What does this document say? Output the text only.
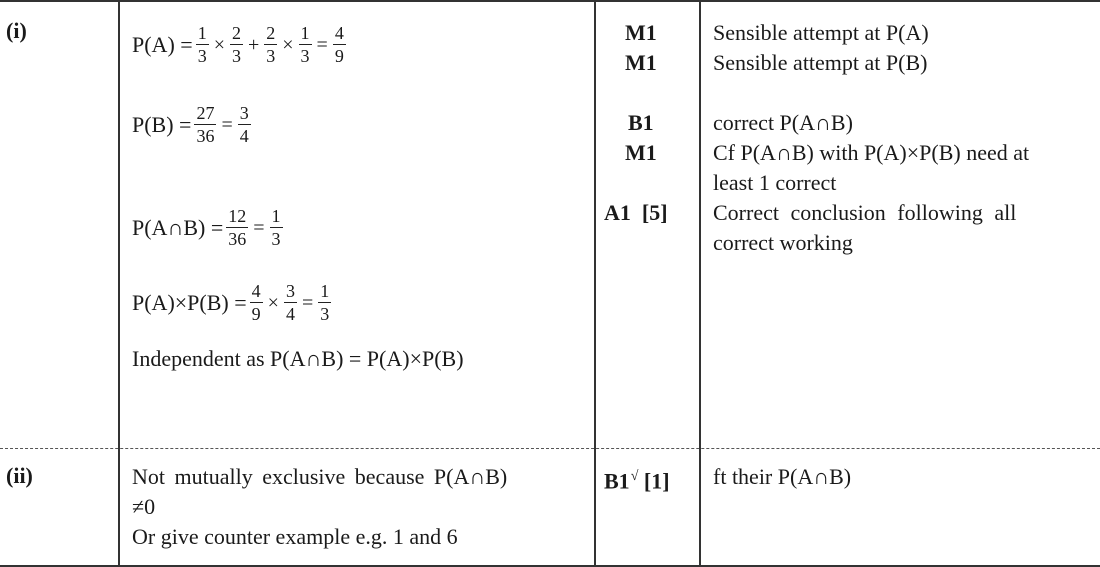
(i)
$P(A) = \frac{1}{3} \times \frac{2}{3} + \frac{2}{3} \times \frac{1}{3} = \frac{4}{9}$
$P(B) = \frac{27}{36} = \frac{3}{4}$
P(A∩B) = $\frac{12}{36} = \frac{1}{3}$
$P(A)\times P(B) = \frac{4}{9} \times \frac{3}{4} = \frac{1}{3}$
Independent as P(A∩B) = P(A)×P(B)
M1
M1
B1
M1
A1  [5]
Sensible attempt at P(A)
Sensible attempt at P(B)
correct P(A∩B)
Cf P(A∩B) with P(A)×P(B) need at
least 1 correct
Correct conclusion following all
correct working
(ii)	Not mutually exclusive because P(A∩B)
≠0
Or give counter example e.g. 1 and 6
B1√ [1] ft their P(A∩B)
